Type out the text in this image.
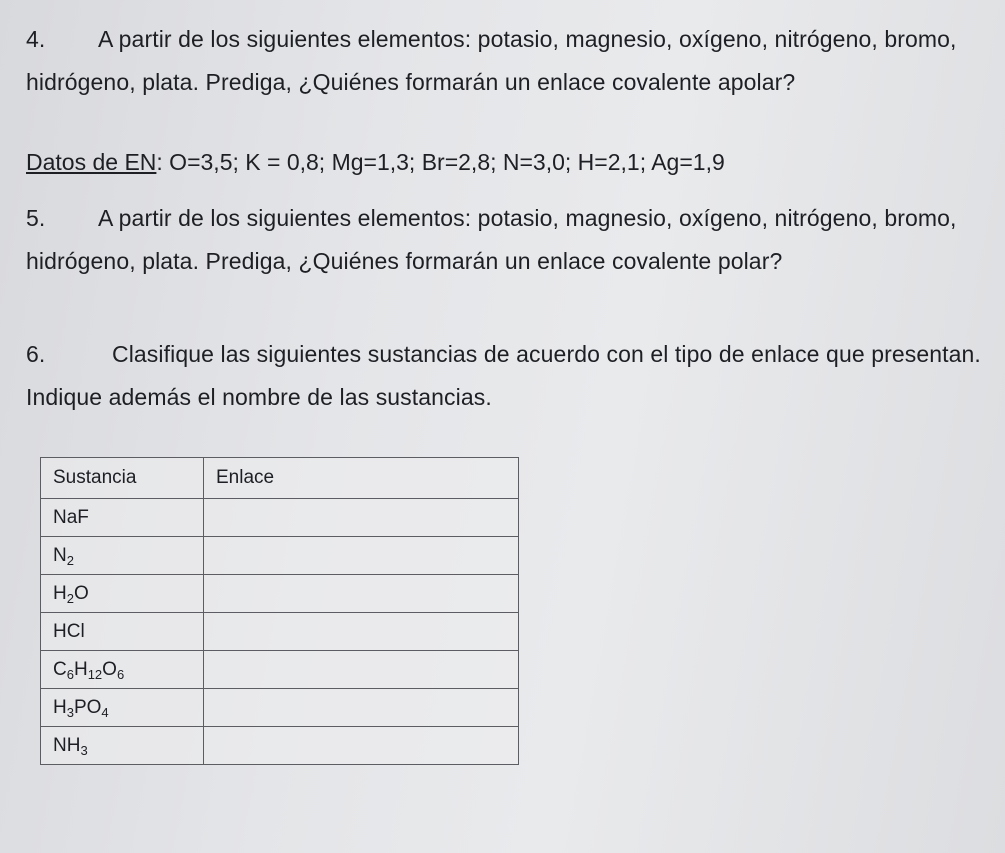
4. A partir de los siguientes elementos: potasio, magnesio, oxígeno, nitrógeno, bromo, hidrógeno, plata. Prediga, ¿Quiénes formarán un enlace covalente apolar?
Datos de EN: O=3,5; K = 0,8; Mg=1,3; Br=2,8; N=3,0; H=2,1; Ag=1,9
5. A partir de los siguientes elementos: potasio, magnesio, oxígeno, nitrógeno, bromo, hidrógeno, plata. Prediga, ¿Quiénes formarán un enlace covalente polar?
6.	Clasifique las siguientes sustancias de acuerdo con el tipo de enlace que presentan. Indique además el nombre de las sustancias.
Sustancia	Enlace
NaF	
$N_2$	
$H_2O$	
HCl	
$C_6H_{12}O_6$	
$H_3PO_4$	
$NH_3$	
